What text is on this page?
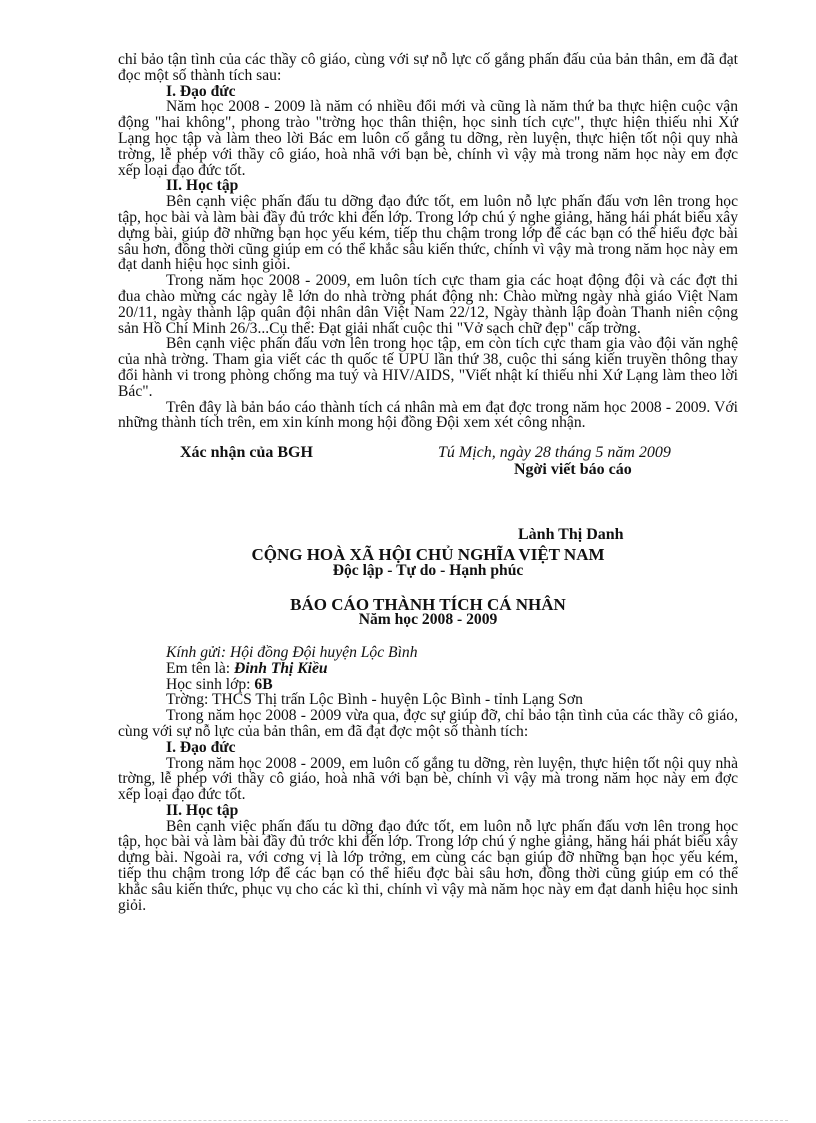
chỉ bảo tận tình của các thầy cô giáo, cùng với sự nỗ lực cố gắng phấn đấu của bản thân, em đã đạt đọc một số thành tích sau:

I. Đạo đức

Năm học 2008 - 2009 là năm có nhiều đổi mới và cũng là năm thứ ba thực hiện cuộc vận động "hai không", phong trào "trờng học thân thiện, học sinh tích cực", thực hiện thiếu nhi Xứ Lạng học tập và làm theo lời Bác em luôn cố gắng tu dỡng, rèn luyện, thực hiện tốt nội quy nhà trờng, lễ phép với thầy cô giáo, hoà nhã với bạn bè, chính vì vậy mà trong năm học này em đợc xếp loại đạo đức tốt.

II. Học tập

Bên cạnh việc phấn đấu tu dỡng đạo đức tốt, em luôn nỗ lực phấn đấu vơn lên trong học tập, học bài và làm bài đầy đủ trớc khi đến lớp. Trong lớp chú ý nghe giảng, hăng hái phát biểu xây dựng bài, giúp đỡ những bạn học yếu kém, tiếp thu chậm trong lớp để các bạn có thể hiểu đợc bài sâu hơn, đồng thời cũng giúp em có thể khắc sâu kiến thức, chính vì vậy mà trong năm học này em đạt danh hiệu học sinh giỏi.

Trong năm học 2008 - 2009, em luôn tích cực tham gia các hoạt động đội và các đợt thi đua chào mừng các ngày lễ lớn do nhà trờng phát động nh: Chào mừng ngày nhà giáo Việt Nam 20/11, ngày thành lập quân đội nhân dân Việt Nam 22/12, Ngày thành lập đoàn Thanh niên cộng sản Hồ Chí Minh 26/3...Cụ thể: Đạt giải nhất cuộc thi "Vở sạch chữ đẹp" cấp trờng.

Bên cạnh việc phấn đấu vơn lên trong học tập, em còn tích cực tham gia vào đội văn nghệ của nhà trờng. Tham gia viết các th quốc tế UPU lần thứ 38, cuộc thi sáng kiến truyền thông thay đổi hành vi trong phòng chống ma tuý và HIV/AIDS, "Viết nhật kí thiếu nhi Xứ Lạng làm theo lời Bác".

Trên đây là bản báo cáo thành tích cá nhân mà em đạt đợc trong năm học 2008 - 2009. Với những thành tích trên, em xin kính mong hội đồng Đội xem xét công nhận.

Xác nhận của BGH	Tú Mịch, ngày 28 tháng 5 năm 2009
Ngời viết báo cáo
Lành Thị Danh
CỘNG HOÀ XÃ HỘI CHỦ NGHĨA VIỆT NAM
Độc lập - Tự do - Hạnh phúc
BÁO CÁO THÀNH TÍCH CÁ NHÂN
Năm học 2008 - 2009
Kính gửi: Hội đồng Đội huyện Lộc Bình
Em tên là: Đinh Thị Kiều
Học sinh lớp: 6B
Trờng: THCS Thị trấn Lộc Bình - huyện Lộc Bình - tỉnh Lạng Sơn

Trong năm học 2008 - 2009 vừa qua, đợc sự giúp đỡ, chỉ bảo tận tình của các thầy cô giáo, cùng với sự nỗ lực của bản thân, em đã đạt đợc một số thành tích:

I. Đạo đức

Trong năm học 2008 - 2009, em luôn cố gắng tu dỡng, rèn luyện, thực hiện tốt nội quy nhà trờng, lễ phép với thầy cô giáo, hoà nhã với bạn bè, chính vì vậy mà trong năm học này em đợc xếp loại đạo đức tốt.

II. Học tập

Bên cạnh việc phấn đấu tu dỡng đạo đức tốt, em luôn nỗ lực phấn đấu vơn lên trong học tập, học bài và làm bài đầy đủ trớc khi đến lớp. Trong lớp chú ý nghe giảng, hăng hái phát biểu xây dựng bài. Ngoài ra, với cơng vị là lớp trởng, em cùng các bạn giúp đỡ những bạn học yếu kém, tiếp thu chậm trong lớp để các bạn có thể hiểu đợc bài sâu hơn, đồng thời cũng giúp em có thể khắc sâu kiến thức, phục vụ cho các kì thi, chính vì vậy mà năm học này em đạt danh hiệu học sinh giỏi.
